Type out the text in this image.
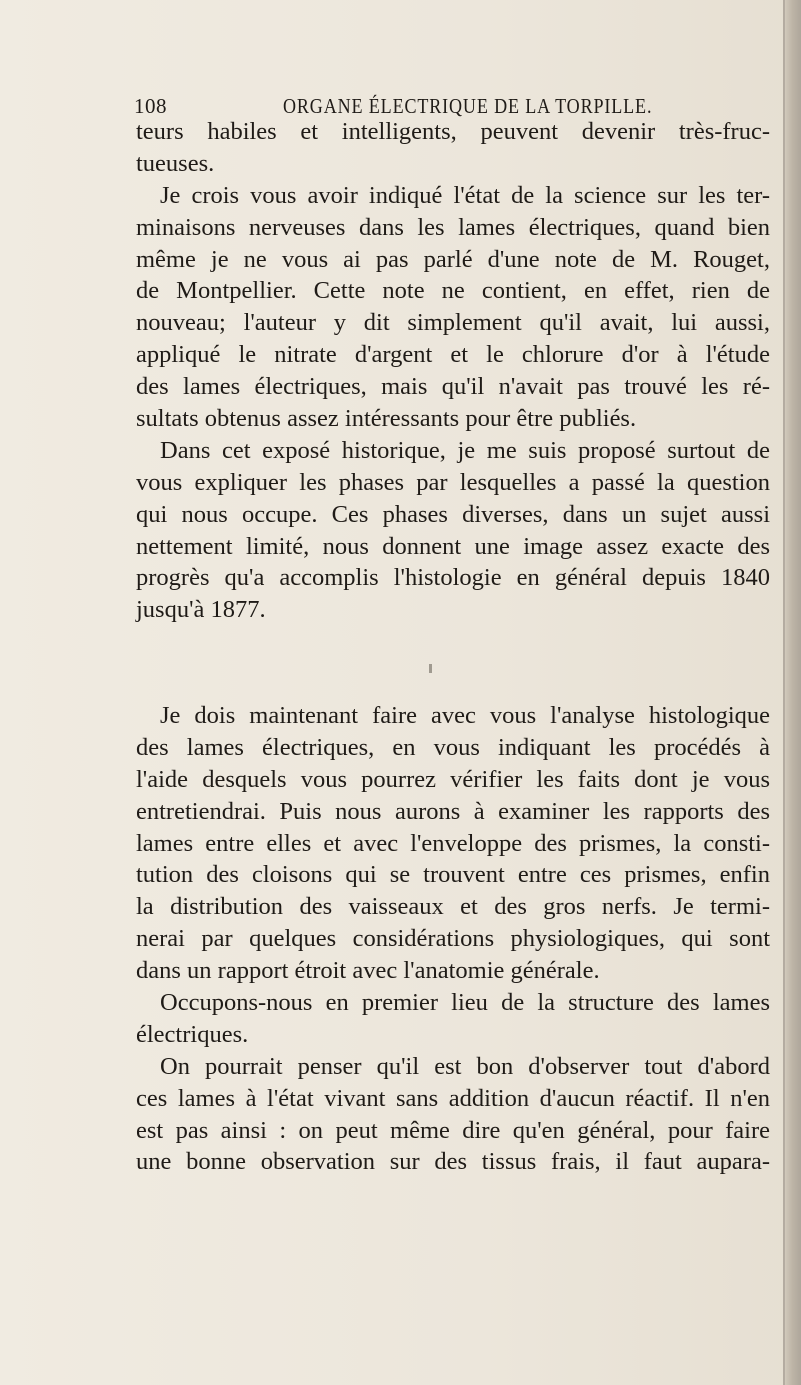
108	ORGANE ÉLECTRIQUE DE LA TORPILLE.
teurs habiles et intelligents, peuvent devenir très-fruc-
tueuses.
Je crois vous avoir indiqué l'état de la science sur les ter-
minaisons nerveuses dans les lames électriques, quand bien
même je ne vous ai pas parlé d'une note de M. Rouget,
de Montpellier. Cette note ne contient, en effet, rien de
nouveau; l'auteur y dit simplement qu'il avait, lui aussi,
appliqué le nitrate d'argent et le chlorure d'or à l'étude
des lames électriques, mais qu'il n'avait pas trouvé les ré-
sultats obtenus assez intéressants pour être publiés.
Dans cet exposé historique, je me suis proposé surtout de
vous expliquer les phases par lesquelles a passé la question
qui nous occupe. Ces phases diverses, dans un sujet aussi
nettement limité, nous donnent une image assez exacte des
progrès qu'a accomplis l'histologie en général depuis 1840
jusqu'à 1877.
Je dois maintenant faire avec vous l'analyse histologique
des lames électriques, en vous indiquant les procédés à
l'aide desquels vous pourrez vérifier les faits dont je vous
entretiendrai. Puis nous aurons à examiner les rapports des
lames entre elles et avec l'enveloppe des prismes, la consti-
tution des cloisons qui se trouvent entre ces prismes, enfin
la distribution des vaisseaux et des gros nerfs. Je termi-
nerai par quelques considérations physiologiques, qui sont
dans un rapport étroit avec l'anatomie générale.
Occupons-nous en premier lieu de la structure des lames
électriques.
On pourrait penser qu'il est bon d'observer tout d'abord
ces lames à l'état vivant sans addition d'aucun réactif. Il n'en
est pas ainsi : on peut même dire qu'en général, pour faire
une bonne observation sur des tissus frais, il faut aupara-
